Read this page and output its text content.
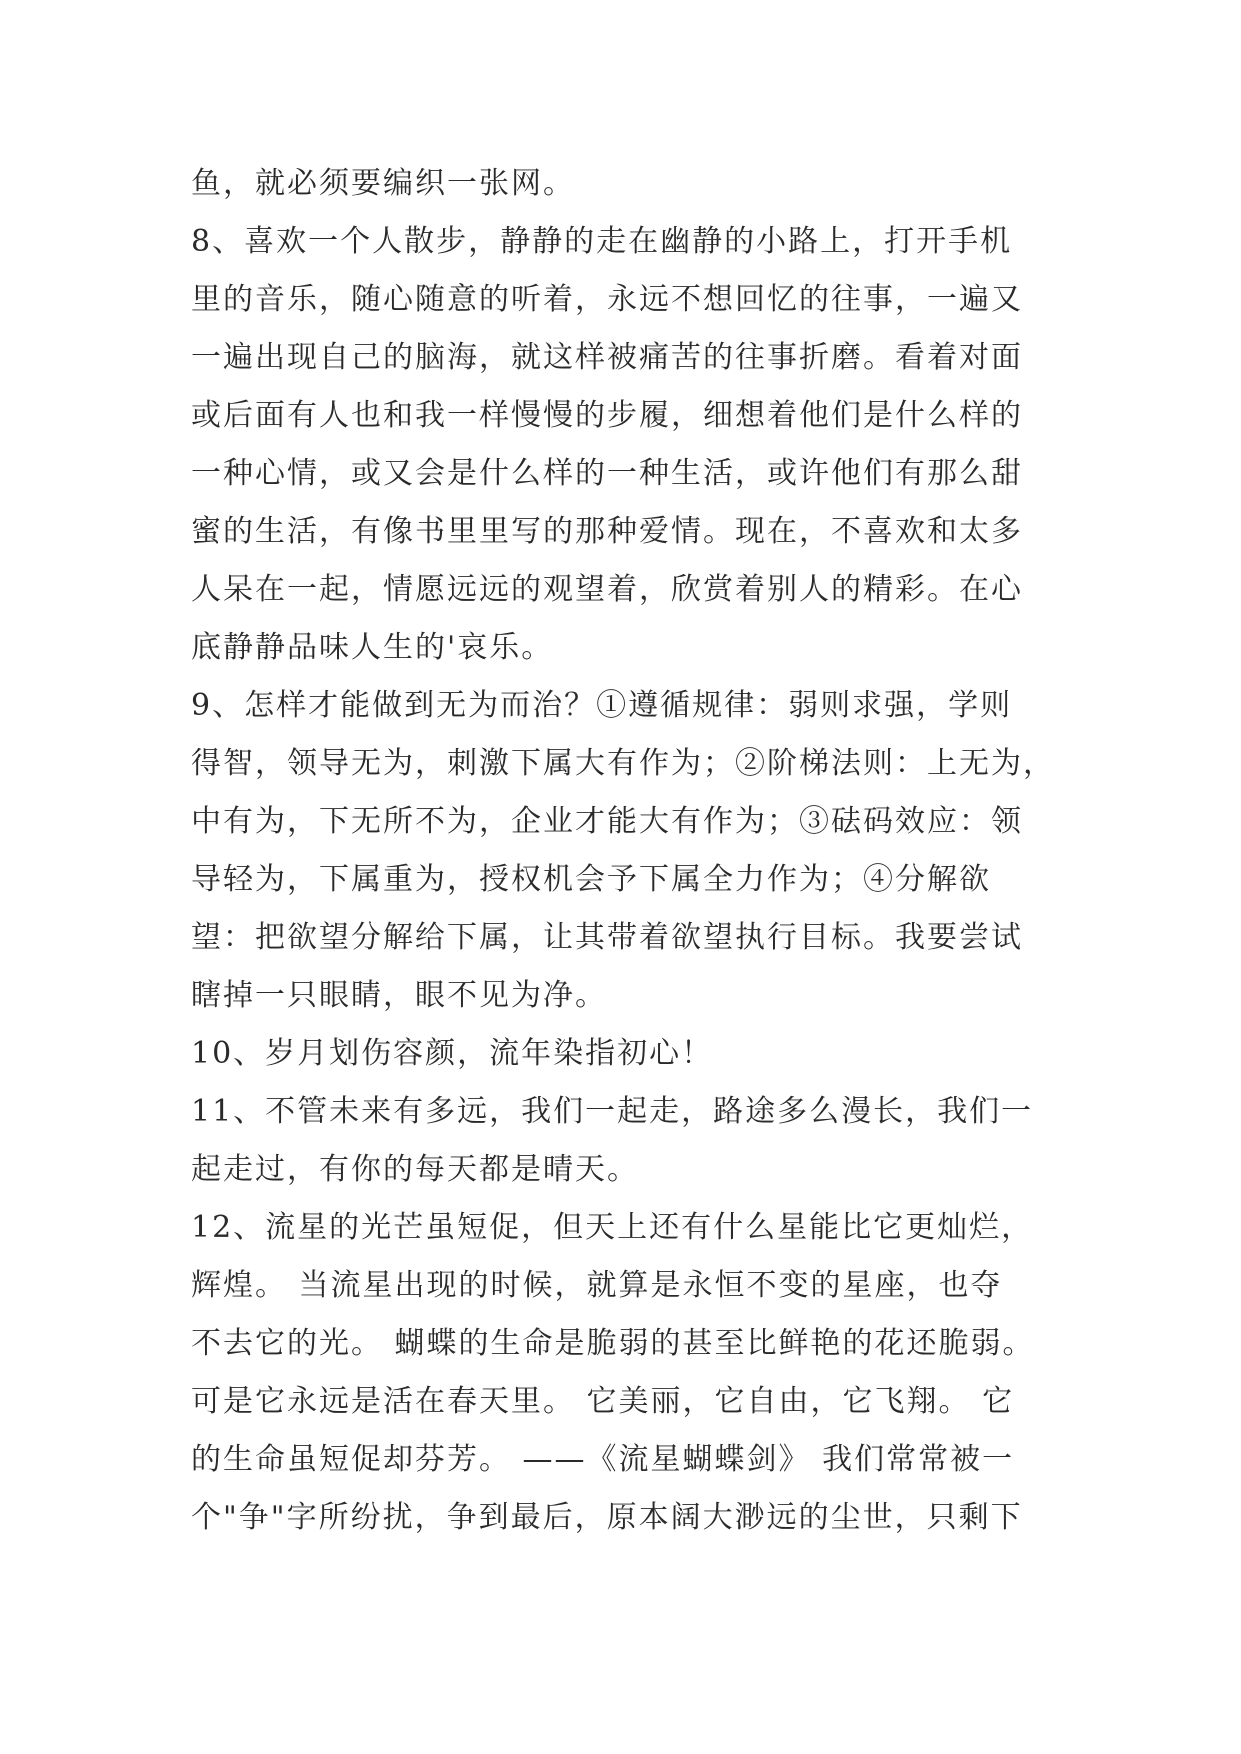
鱼，就必须要编织一张网。
8、喜欢一个人散步，静静的走在幽静的小路上，打开手机
里的音乐，随心随意的听着，永远不想回忆的往事，一遍又
一遍出现自己的脑海，就这样被痛苦的往事折磨。看着对面
或后面有人也和我一样慢慢的步履，细想着他们是什么样的
一种心情，或又会是什么样的一种生活，或许他们有那么甜
蜜的生活，有像书里里写的那种爱情。现在，不喜欢和太多
人呆在一起，情愿远远的观望着，欣赏着别人的精彩。在心
底静静品味人生的'哀乐。
9、怎样才能做到无为而治？①遵循规律：弱则求强，学则
得智，领导无为，刺激下属大有作为；②阶梯法则：上无为，
中有为，下无所不为，企业才能大有作为；③砝码效应：领
导轻为，下属重为，授权机会予下属全力作为；④分解欲
望：把欲望分解给下属，让其带着欲望执行目标。我要尝试
瞎掉一只眼睛，眼不见为净。
10、岁月划伤容颜，流年染指初心！
11、不管未来有多远，我们一起走，路途多么漫长，我们一
起走过，有你的每天都是晴天。
12、流星的光芒虽短促，但天上还有什么星能比它更灿烂，
辉煌。 当流星出现的时候，就算是永恒不变的星座，也夺
不去它的光。 蝴蝶的生命是脆弱的甚至比鲜艳的花还脆弱。
可是它永远是活在春天里。 它美丽，它自由，它飞翔。 它
的生命虽短促却芬芳。 ——《流星蝴蝶剑》 我们常常被一
个"争"字所纷扰，争到最后，原本阔大渺远的尘世，只剩下
